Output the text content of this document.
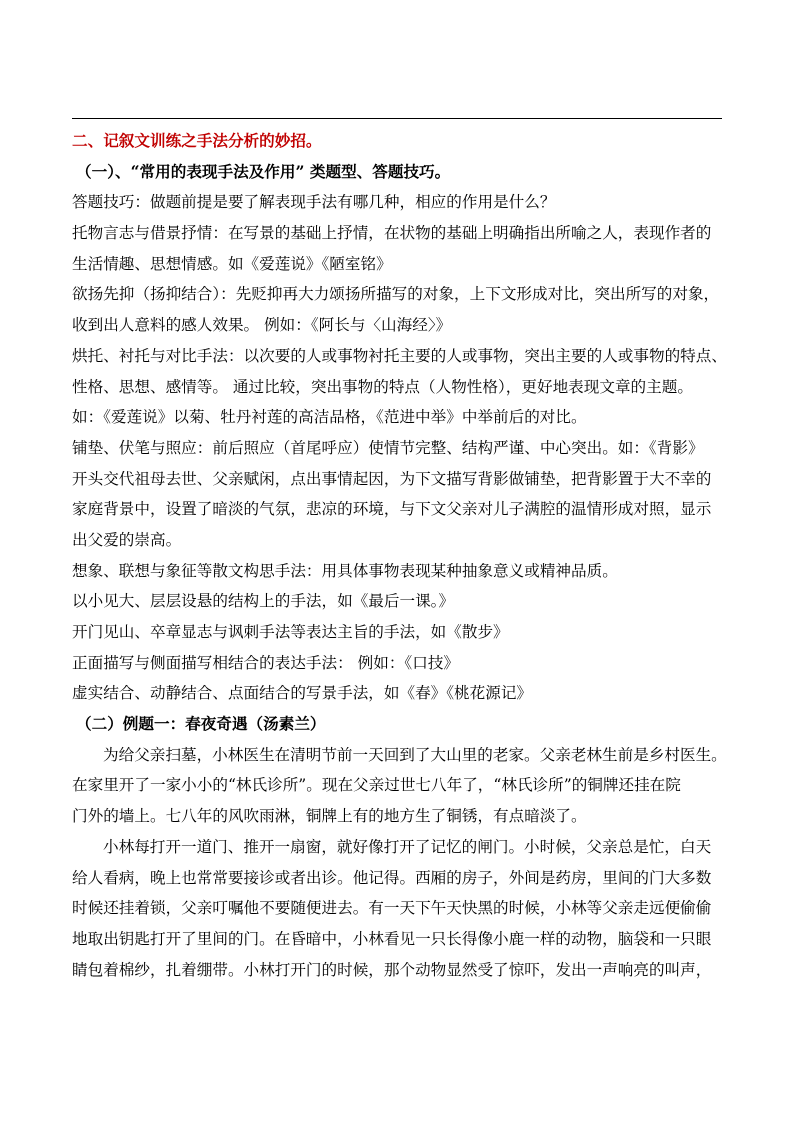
二、记叙文训练之手法分析的妙招。
（一）、“常用的表现手法及作用” 类题型、答题技巧。
答题技巧：做题前提是要了解表现手法有哪几种，相应的作用是什么？
托物言志与借景抒情：在写景的基础上抒情，在状物的基础上明确指出所喻之人，表现作者的
生活情趣、思想情感。如《爱莲说》《陋室铭》
欲扬先抑（扬抑结合）：先贬抑再大力颂扬所描写的对象，上下文形成对比，突出所写的对象，
收到出人意料的感人效果。 例如：《阿长与〈山海经〉》
烘托、衬托与对比手法：以次要的人或事物衬托主要的人或事物，突出主要的人或事物的特点、
性格、思想、感情等。 通过比较，突出事物的特点（人物性格），更好地表现文章的主题。
如：《爱莲说》以菊、牡丹衬莲的高洁品格，《范进中举》中举前后的对比。
铺垫、伏笔与照应：前后照应（首尾呼应）使情节完整、结构严谨、中心突出。如：《背影》
开头交代祖母去世、父亲赋闲，点出事情起因，为下文描写背影做铺垫，把背影置于大不幸的
家庭背景中，设置了暗淡的气氛，悲凉的环境，与下文父亲对儿子满腔的温情形成对照，显示
出父爱的崇高。
想象、联想与象征等散文构思手法：用具体事物表现某种抽象意义或精神品质。
以小见大、层层设悬的结构上的手法，如《最后一课。》
开门见山、卒章显志与讽刺手法等表达主旨的手法，如《散步》
正面描写与侧面描写相结合的表达手法： 例如：《口技》
虚实结合、动静结合、点面结合的写景手法，如《春》《桃花源记》
（二）例题一：春夜奇遇（汤素兰）
为给父亲扫墓，小林医生在清明节前一天回到了大山里的老家。父亲老林生前是乡村医生。
在家里开了一家小小的“林氏诊所”。现在父亲过世七八年了，“林氏诊所”的铜牌还挂在院
门外的墙上。七八年的风吹雨淋，铜牌上有的地方生了铜锈，有点暗淡了。
小林每打开一道门、推开一扇窗，就好像打开了记忆的闸门。小时候，父亲总是忙，白天
给人看病，晚上也常常要接诊或者出诊。他记得。西厢的房子，外间是药房，里间的门大多数
时候还挂着锁，父亲叮嘱他不要随便进去。有一天下午天快黑的时候，小林等父亲走远便偷偷
地取出钥匙打开了里间的门。在昏暗中，小林看见一只长得像小鹿一样的动物，脑袋和一只眼
睛包着棉纱，扎着绷带。小林打开门的时候，那个动物显然受了惊吓，发出一声响亮的叫声，
